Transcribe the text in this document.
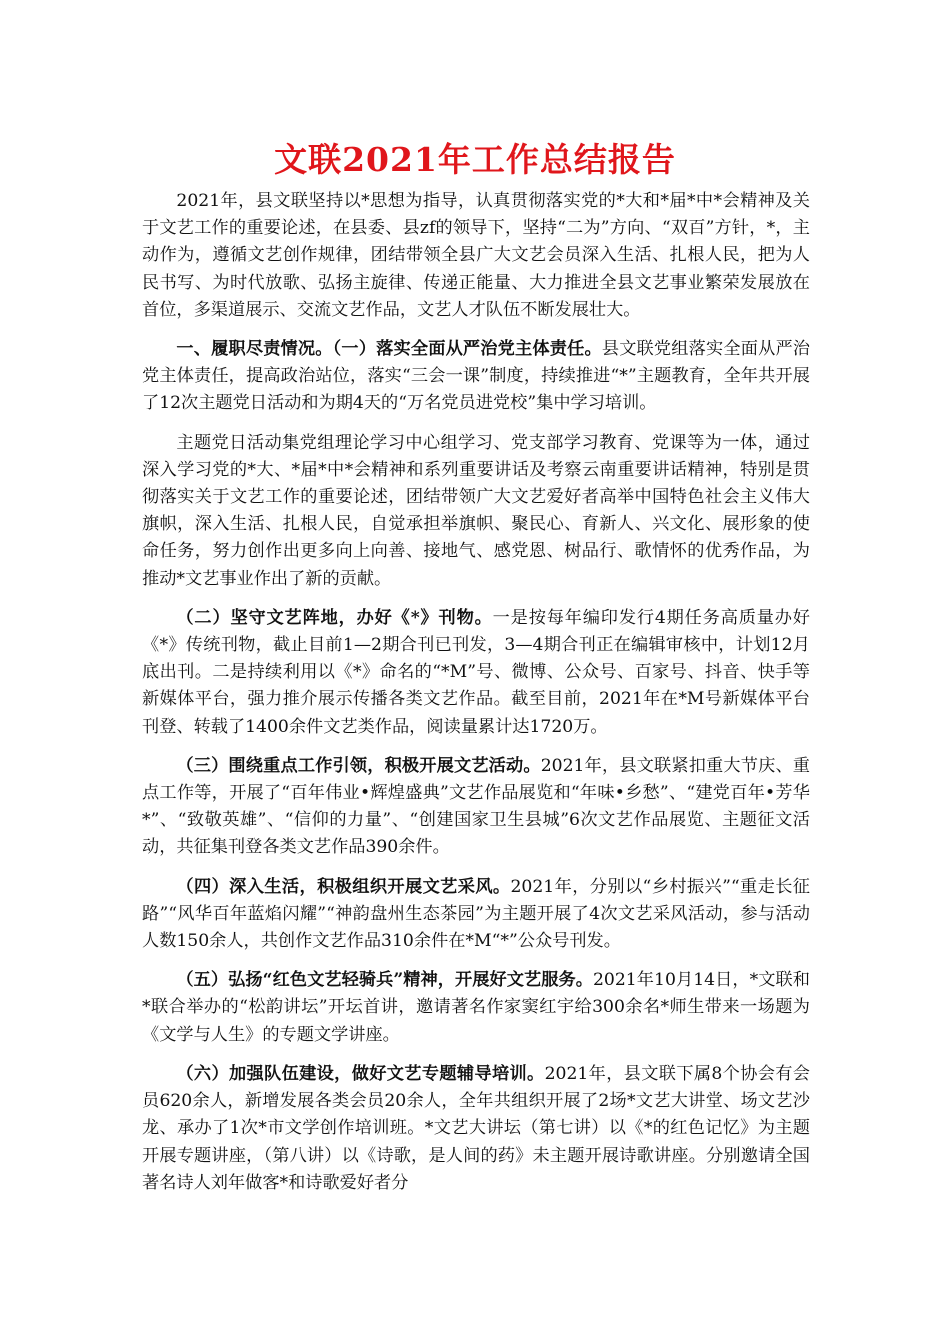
文联2021年工作总结报告

2021年，县文联坚持以*思想为指导，认真贯彻落实党的*大和*届*中*会精神及关于文艺工作的重要论述，在县委、县zf的领导下，坚持“二为”方向、“双百”方针，*，主动作为，遵循文艺创作规律，团结带领全县广大文艺会员深入生活、扎根人民，把为人民书写、为时代放歌、弘扬主旋律、传递正能量、大力推进全县文艺事业繁荣发展放在首位，多渠道展示、交流文艺作品，文艺人才队伍不断发展壮大。

一、履职尽责情况。（一）落实全面从严治党主体责任。县文联党组落实全面从严治党主体责任，提高政治站位，落实“三会一课”制度，持续推进“*”主题教育，全年共开展了12次主题党日活动和为期4天的“万名党员进党校”集中学习培训。

主题党日活动集党组理论学习中心组学习、党支部学习教育、党课等为一体，通过深入学习党的*大、*届*中*会精神和系列重要讲话及考察云南重要讲话精神，特别是贯彻落实关于文艺工作的重要论述，团结带领广大文艺爱好者高举中国特色社会主义伟大旗帜，深入生活、扎根人民，自觉承担举旗帜、聚民心、育新人、兴文化、展形象的使命任务，努力创作出更多向上向善、接地气、感党恩、树品行、歌情怀的优秀作品，为推动*文艺事业作出了新的贡献。

（二）坚守文艺阵地，办好《*》刊物。一是按每年编印发行4期任务高质量办好《*》传统刊物，截止目前1—2期合刊已刊发，3—4期合刊正在编辑审核中，计划12月底出刊。二是持续利用以《*》命名的“*M”号、微博、公众号、百家号、抖音、快手等新媒体平台，强力推介展示传播各类文艺作品。截至目前，2021年在*M号新媒体平台刊登、转载了1400余件文艺类作品，阅读量累计达1720万。

（三）围绕重点工作引领，积极开展文艺活动。2021年，县文联紧扣重大节庆、重点工作等，开展了“百年伟业•辉煌盛典”文艺作品展览和“年味•乡愁”、“建党百年•芳华*”、“致敬英雄”、“信仰的力量”、“创建国家卫生县城”6次文艺作品展览、主题征文活动，共征集刊登各类文艺作品390余件。

（四）深入生活，积极组织开展文艺采风。2021年，分别以“乡村振兴”“重走长征路”“风华百年蓝焰闪耀”“神韵盘州生态茶园”为主题开展了4次文艺采风活动，参与活动人数150余人，共创作文艺作品310余件在*M“*”公众号刊发。

（五）弘扬“红色文艺轻骑兵”精神，开展好文艺服务。2021年10月14日，*文联和*联合举办的“松韵讲坛”开坛首讲，邀请著名作家窦红宇给300余名*师生带来一场题为《文学与人生》的专题文学讲座。

（六）加强队伍建设，做好文艺专题辅导培训。2021年，县文联下属8个协会有会员620余人，新增发展各类会员20余人，全年共组织开展了2场*文艺大讲堂、场文艺沙龙、承办了1次*市文学创作培训班。*文艺大讲坛（第七讲）以《*的红色记忆》为主题开展专题讲座，（第八讲）以《诗歌，是人间的药》未主题开展诗歌讲座。分别邀请全国著名诗人刘年做客*和诗歌爱好者分
